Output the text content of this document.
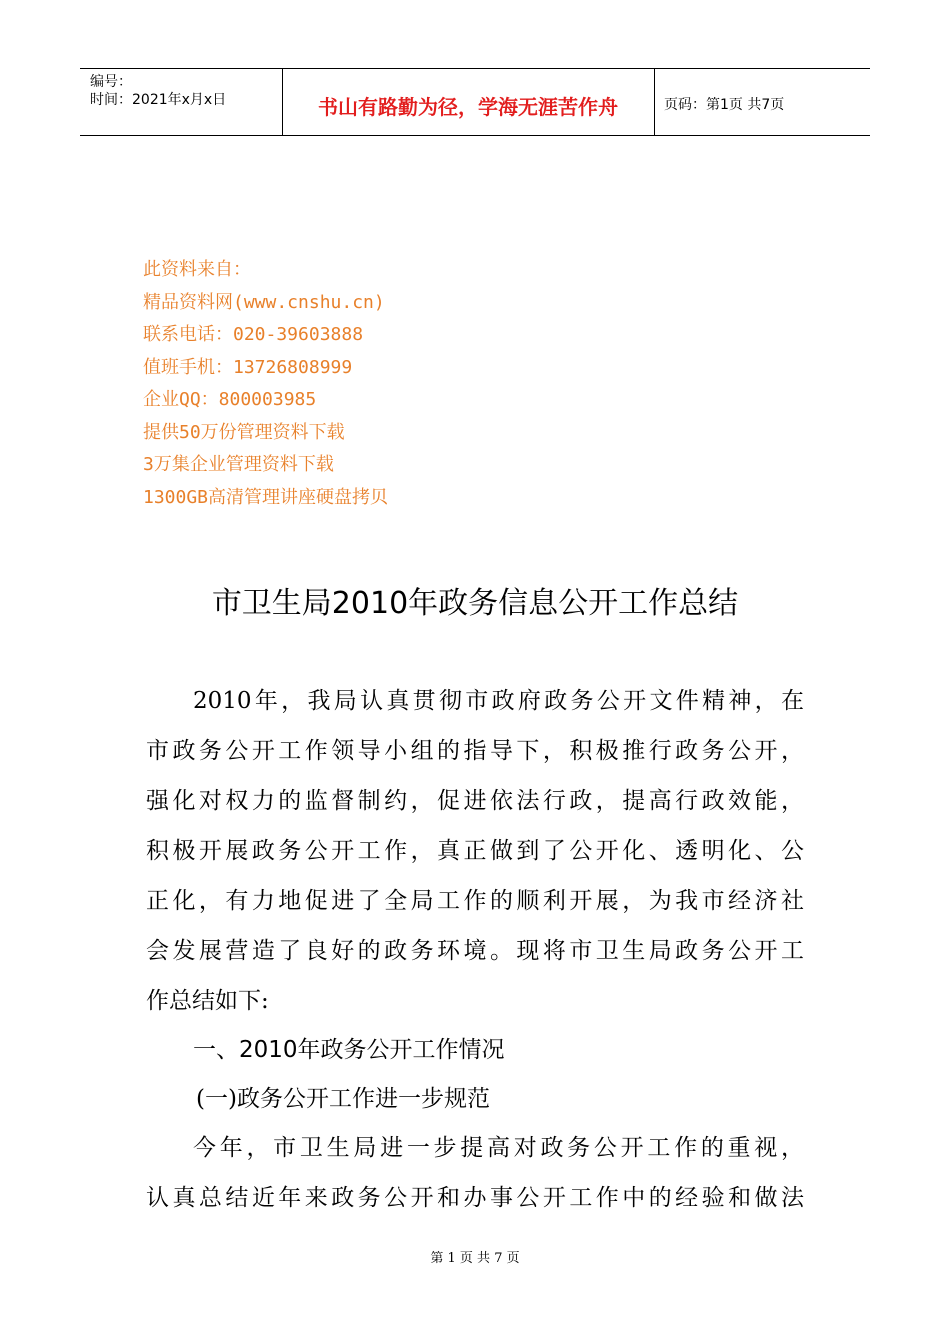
编号：
时间：2021年x月x日	书山有路勤为径，学海无涯苦作舟	页码：第1页 共7页
此资料来自：
精品资料网(www.cnshu.cn)
联系电话：020-39603888
值班手机：13726808999
企业QQ：800003985
提供50万份管理资料下载
3万集企业管理资料下载
1300GB高清管理讲座硬盘拷贝
市卫生局2010年政务信息公开工作总结
2010年，我局认真贯彻市政府政务公开文件精神，在
市政务公开工作领导小组的指导下，积极推行政务公开，
强化对权力的监督制约，促进依法行政，提高行政效能，
积极开展政务公开工作，真正做到了公开化、透明化、公
正化，有力地促进了全局工作的顺利开展，为我市经济社
会发展营造了良好的政务环境。现将市卫生局政务公开工
作总结如下:
一、2010年政务公开工作情况
(一)政务公开工作进一步规范
今年，市卫生局进一步提高对政务公开工作的重视，
认真总结近年来政务公开和办事公开工作中的经验和做法
第 1 页 共 7 页
